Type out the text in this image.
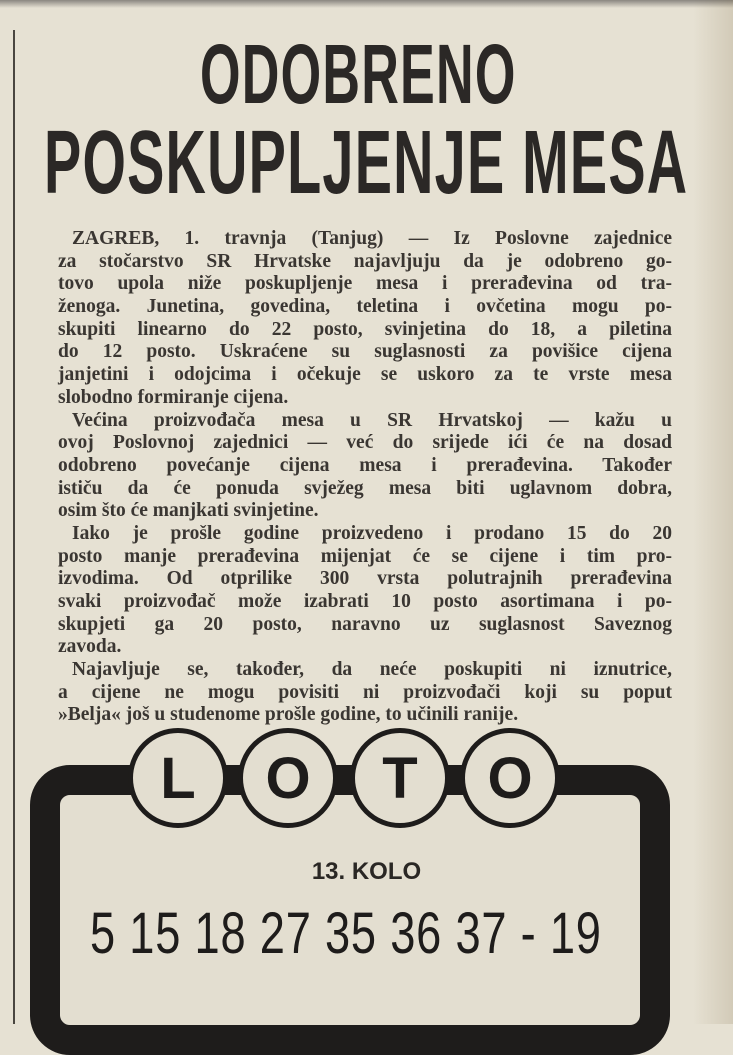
ODOBRENO
POSKUPLJENJE MESA
ZAGREB, 1. travnja (Tanjug) — Iz Poslovne zajednice
za stočarstvo SR Hrvatske najavljuju da je odobreno go-
tovo upola niže poskupljenje mesa i prerađevina od tra-
ženoga. Junetina, govedina, teletina i ovčetina mogu po-
skupiti linearno do 22 posto, svinjetina do 18, a piletina
do 12 posto. Uskraćene su suglasnosti za povišice cijena
janjetini i odojcima i očekuje se uskoro za te vrste mesa
slobodno formiranje cijena.
Većina proizvođača mesa u SR Hrvatskoj — kažu u
ovoj Poslovnoj zajednici — već do srijede ići će na dosad
odobreno povećanje cijena mesa i prerađevina. Također
ističu da će ponuda svježeg mesa biti uglavnom dobra,
osim što će manjkati svinjetine.
Iako je prošle godine proizvedeno i prodano 15 do 20
posto manje prerađevina mijenjat će se cijene i tim pro-
izvodima. Od otprilike 300 vrsta polutrajnih prerađevina
svaki proizvođač može izabrati 10 posto asortimana i po-
skupjeti ga 20 posto, naravno uz suglasnost Saveznog
zavoda.
Najavljuje se, također, da neće poskupiti ni iznutrice,
a cijene ne mogu povisiti ni proizvođači koji su poput
»Belja« još u studenome prošle godine, to učinili ranije.
L	O	T	O
13. KOLO
5 15 18 27 35 36 37 - 19
